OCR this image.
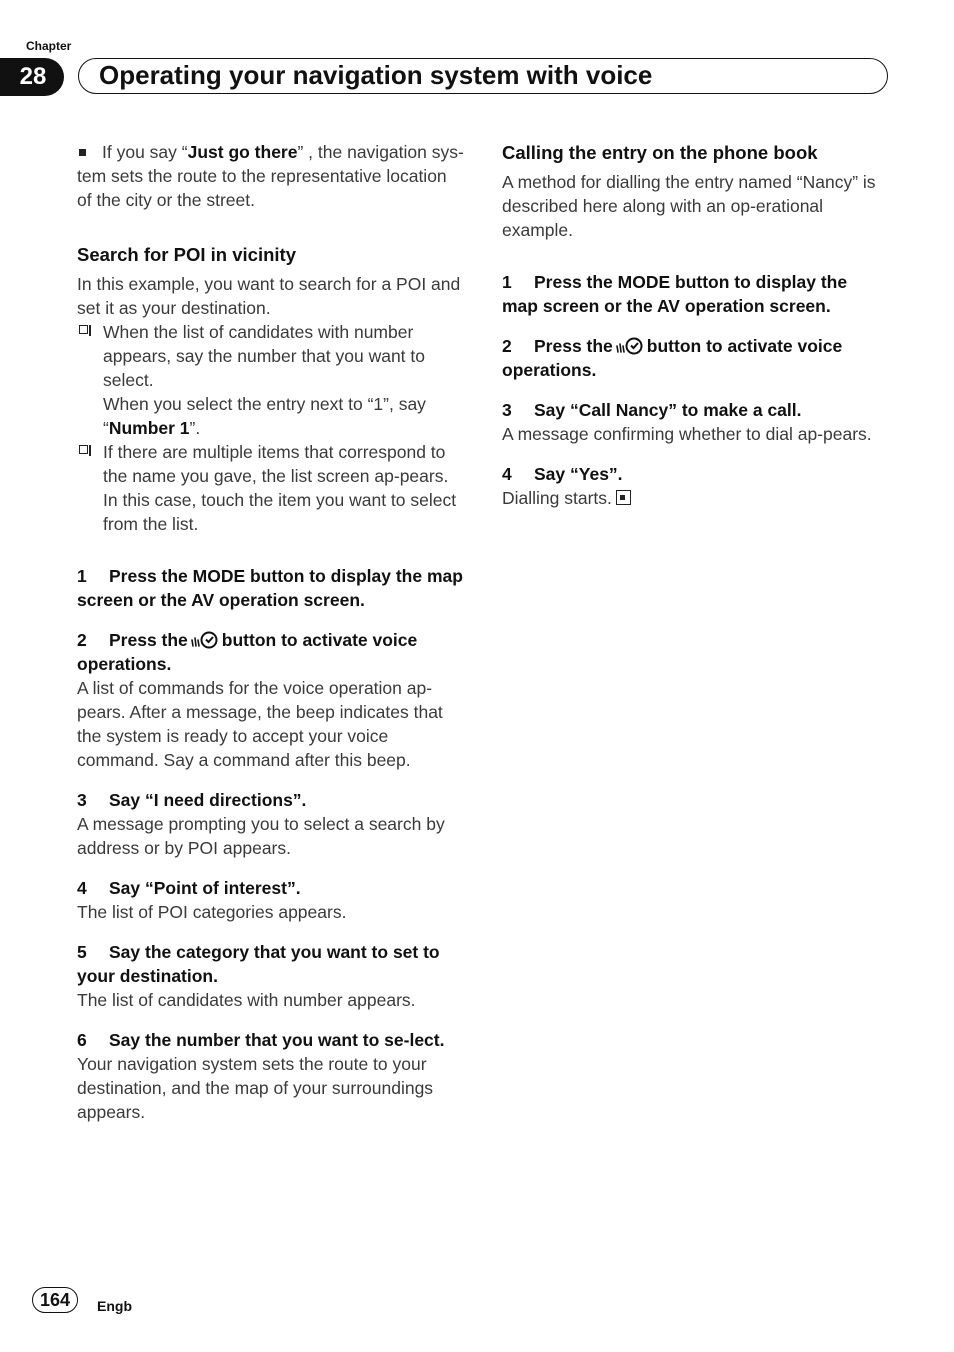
Chapter
28	Operating your navigation system with voice

If you say “Just go there” , the navigation sys-tem sets the route to the representative location of the city or the street.

Search for POI in vicinity

In this example, you want to search for a POI and set it as your destination.

When the list of candidates with number appears, say the number that you want to select.
When you select the entry next to “1”, say “Number 1”.
If there are multiple items that correspond to the name you gave, the list screen ap-pears. In this case, touch the item you want to select from the list.

1 Press the MODE button to display the map screen or the AV operation screen.

2 Press the button to activate voice operations.

A list of commands for the voice operation ap-pears. After a message, the beep indicates that the system is ready to accept your voice command. Say a command after this beep.

3 Say “I need directions”.

A message prompting you to select a search by address or by POI appears.

4 Say “Point of interest”.

The list of POI categories appears.

5 Say the category that you want to set to your destination.

The list of candidates with number appears.

6 Say the number that you want to se-lect.

Your navigation system sets the route to your destination, and the map of your surroundings appears.

Calling the entry on the phone book

A method for dialling the entry named “Nancy” is described here along with an op-erational example.

1 Press the MODE button to display the map screen or the AV operation screen.

2 Press the button to activate voice operations.

3 Say “Call Nancy” to make a call.

A message confirming whether to dial ap-pears.

4 Say “Yes”.

Dialling starts.

164	Engb
